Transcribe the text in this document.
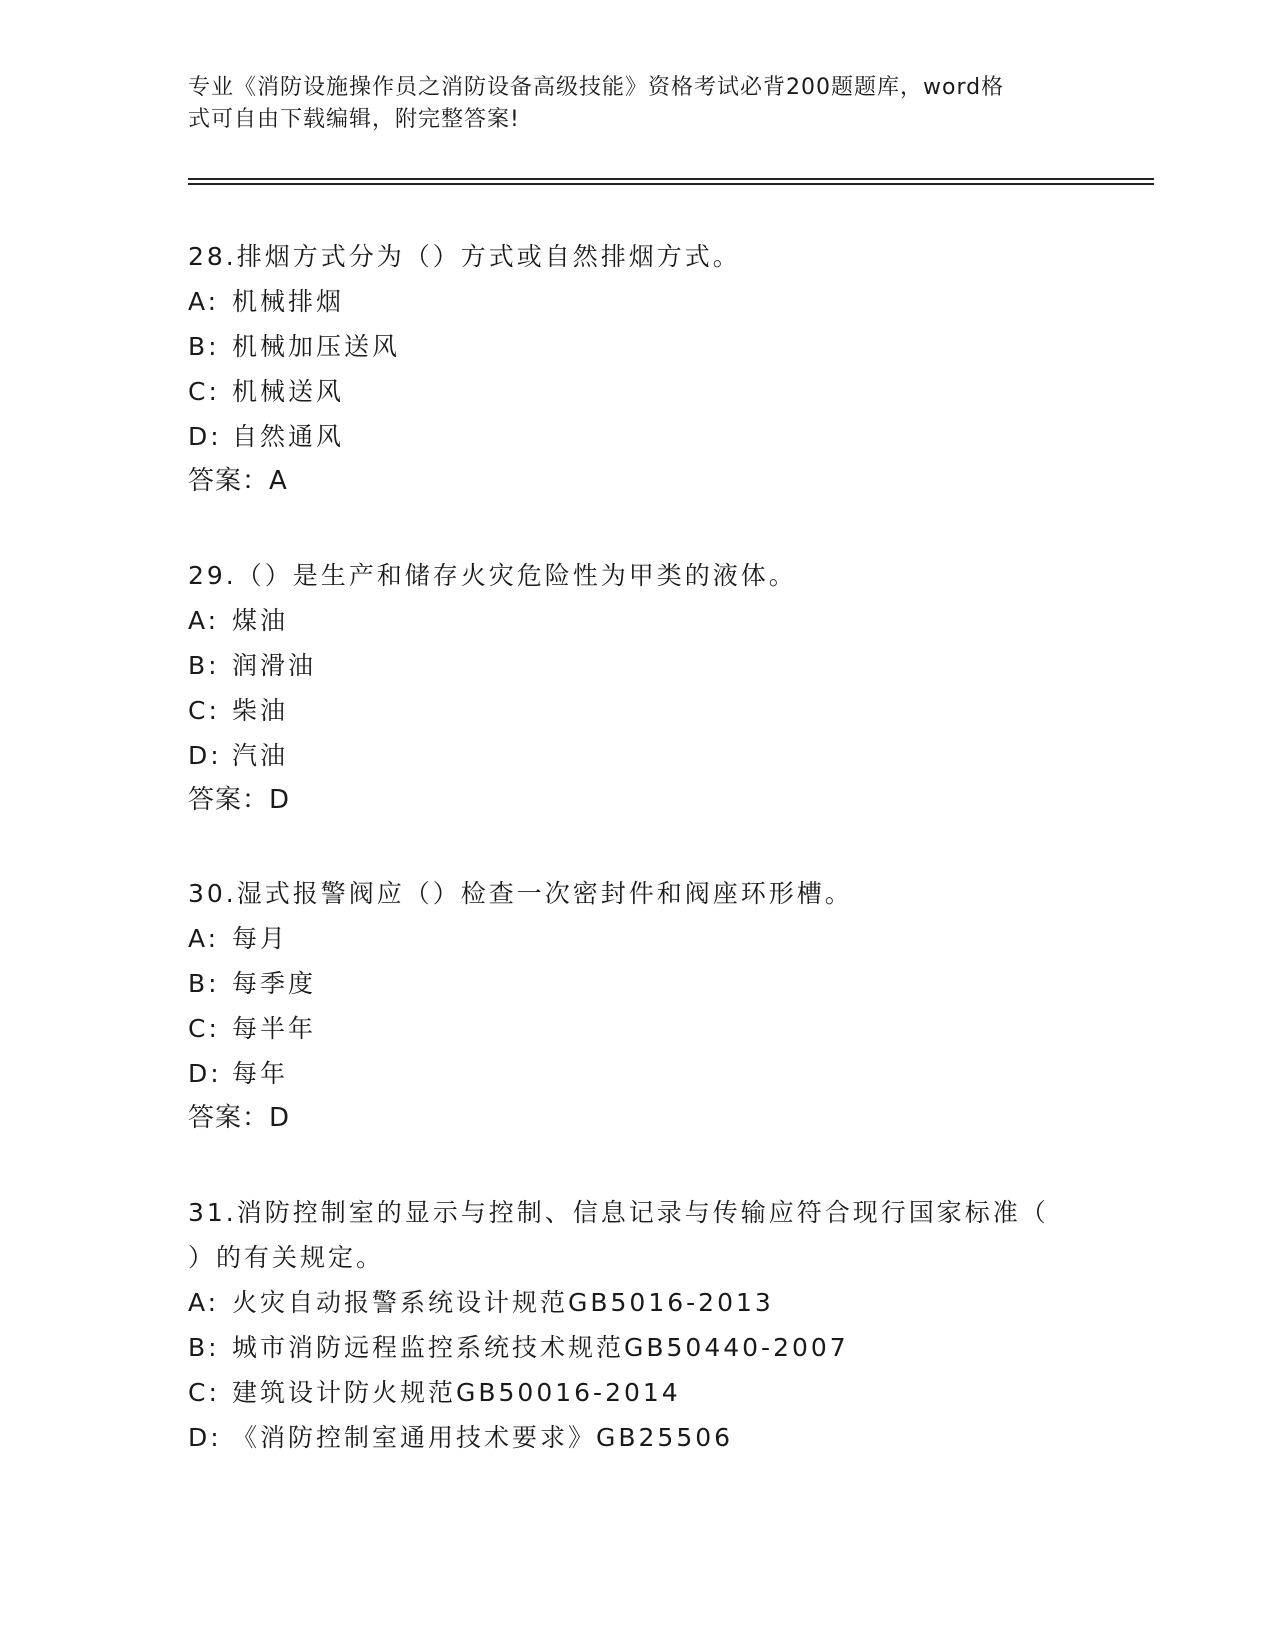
专业《消防设施操作员之消防设备高级技能》资格考试必背200题题库，word格
式可自由下载编辑，附完整答案!
28.排烟方式分为（）方式或自然排烟方式。
A: 机械排烟
B: 机械加压送风
C: 机械送风
D: 自然通风
答案：A
29.（）是生产和储存火灾危险性为甲类的液体。
A: 煤油
B: 润滑油
C: 柴油
D: 汽油
答案：D
30.湿式报警阀应（）检查一次密封件和阀座环形槽。
A: 每月
B: 每季度
C: 每半年
D: 每年
答案：D
31.消防控制室的显示与控制、信息记录与传输应符合现行国家标准（
）的有关规定。
A: 火灾自动报警系统设计规范GB5016-2013
B: 城市消防远程监控系统技术规范GB50440-2007
C: 建筑设计防火规范GB50016-2014
D: 《消防控制室通用技术要求》GB25506
